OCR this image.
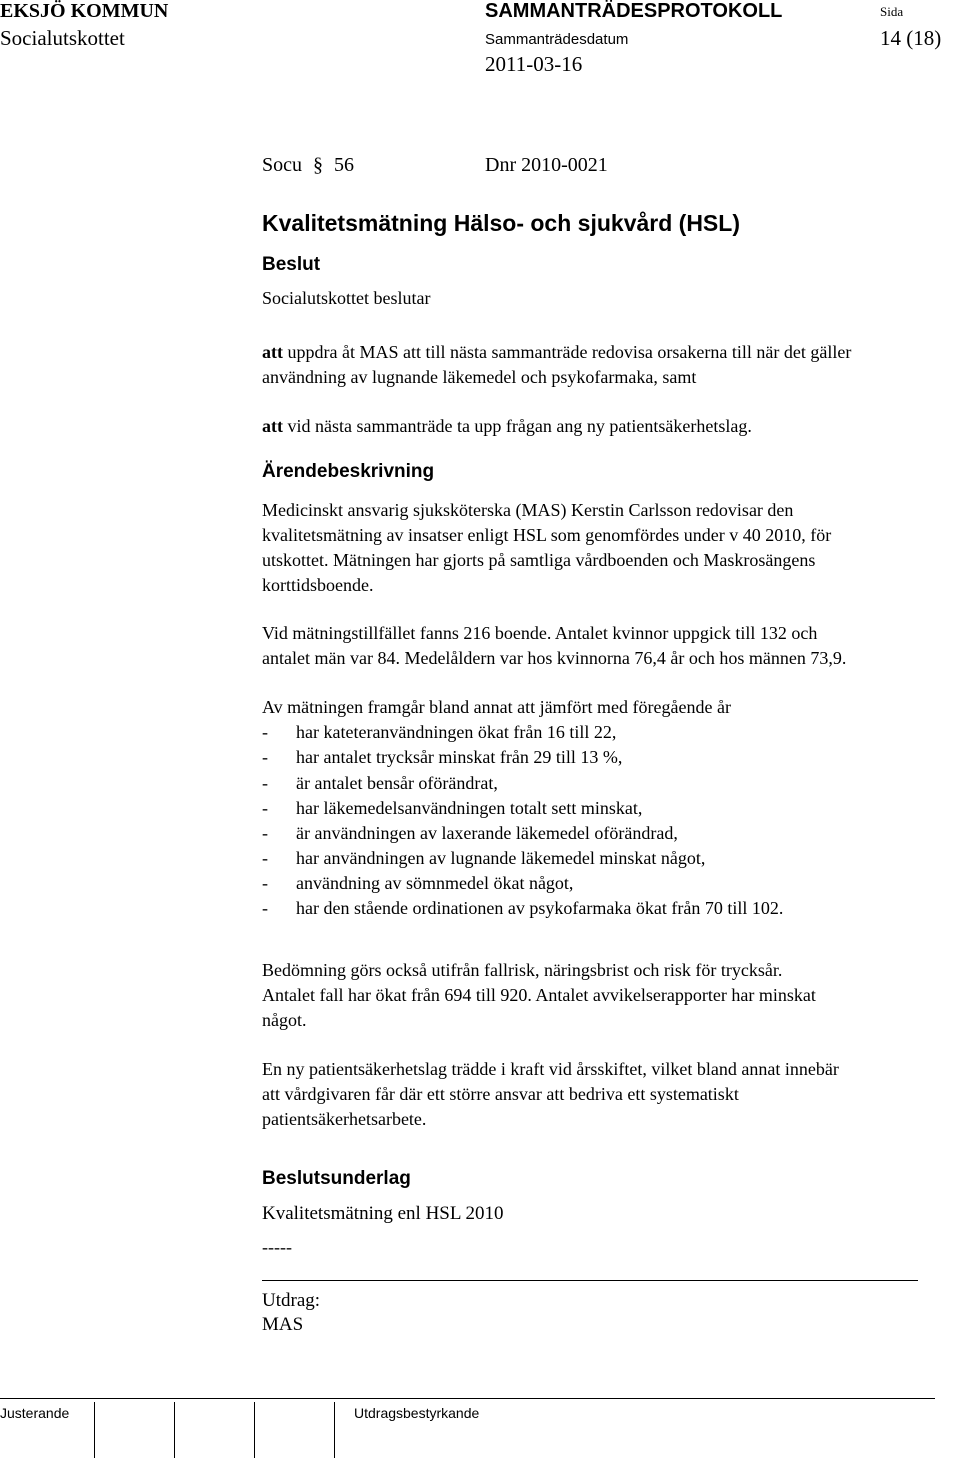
EKSJÖ KOMMUN	SAMMANTRÄDESPROTOKOLL	Sida
Socialutskottet	Sammanträdesdatum
2011-03-16
14 (18)
Socu § 56	Dnr 2010-0021
Kvalitetsmätning Hälso- och sjukvård (HSL)
Beslut
Socialutskottet beslutar
att uppdra åt MAS att till nästa sammanträde redovisa orsakerna till när det gäller
användning av lugnande läkemedel och psykofarmaka, samt
att vid nästa sammanträde ta upp frågan ang ny patientsäkerhetslag.
Ärendebeskrivning
Medicinskt ansvarig sjuksköterska (MAS) Kerstin Carlsson redovisar den
kvalitetsmätning av insatser enligt HSL som genomfördes under v 40 2010, för
utskottet. Mätningen har gjorts på samtliga vårdboenden och Maskrosängens
korttidsboende.
Vid mätningstillfället fanns 216 boende. Antalet kvinnor uppgick till 132 och
antalet män var 84. Medelåldern var hos kvinnorna 76,4 år och hos männen 73,9.
Av mätningen framgår bland annat att jämfört med föregående år
- har kateteranvändningen ökat från 16 till 22,
- har antalet trycksår minskat från 29 till 13 %,
- är antalet bensår oförändrat,
- har läkemedelsanvändningen totalt sett minskat,
- är användningen av laxerande läkemedel oförändrad,
- har användningen av lugnande läkemedel minskat något,
- användning av sömnmedel ökat något,
- har den stående ordinationen av psykofarmaka ökat från 70 till 102.
Bedömning görs också utifrån fallrisk, näringsbrist och risk för trycksår.
Antalet fall har ökat från 694 till 920. Antalet avvikelserapporter har minskat
något.
En ny patientsäkerhetslag trädde i kraft vid årsskiftet, vilket bland annat innebär
att vårdgivaren får där ett större ansvar att bedriva ett systematiskt
patientsäkerhetsarbete.
Beslutsunderlag
Kvalitetsmätning enl HSL 2010
-----
Utdrag:
MAS
Justerande	Utdragsbestyrkande
